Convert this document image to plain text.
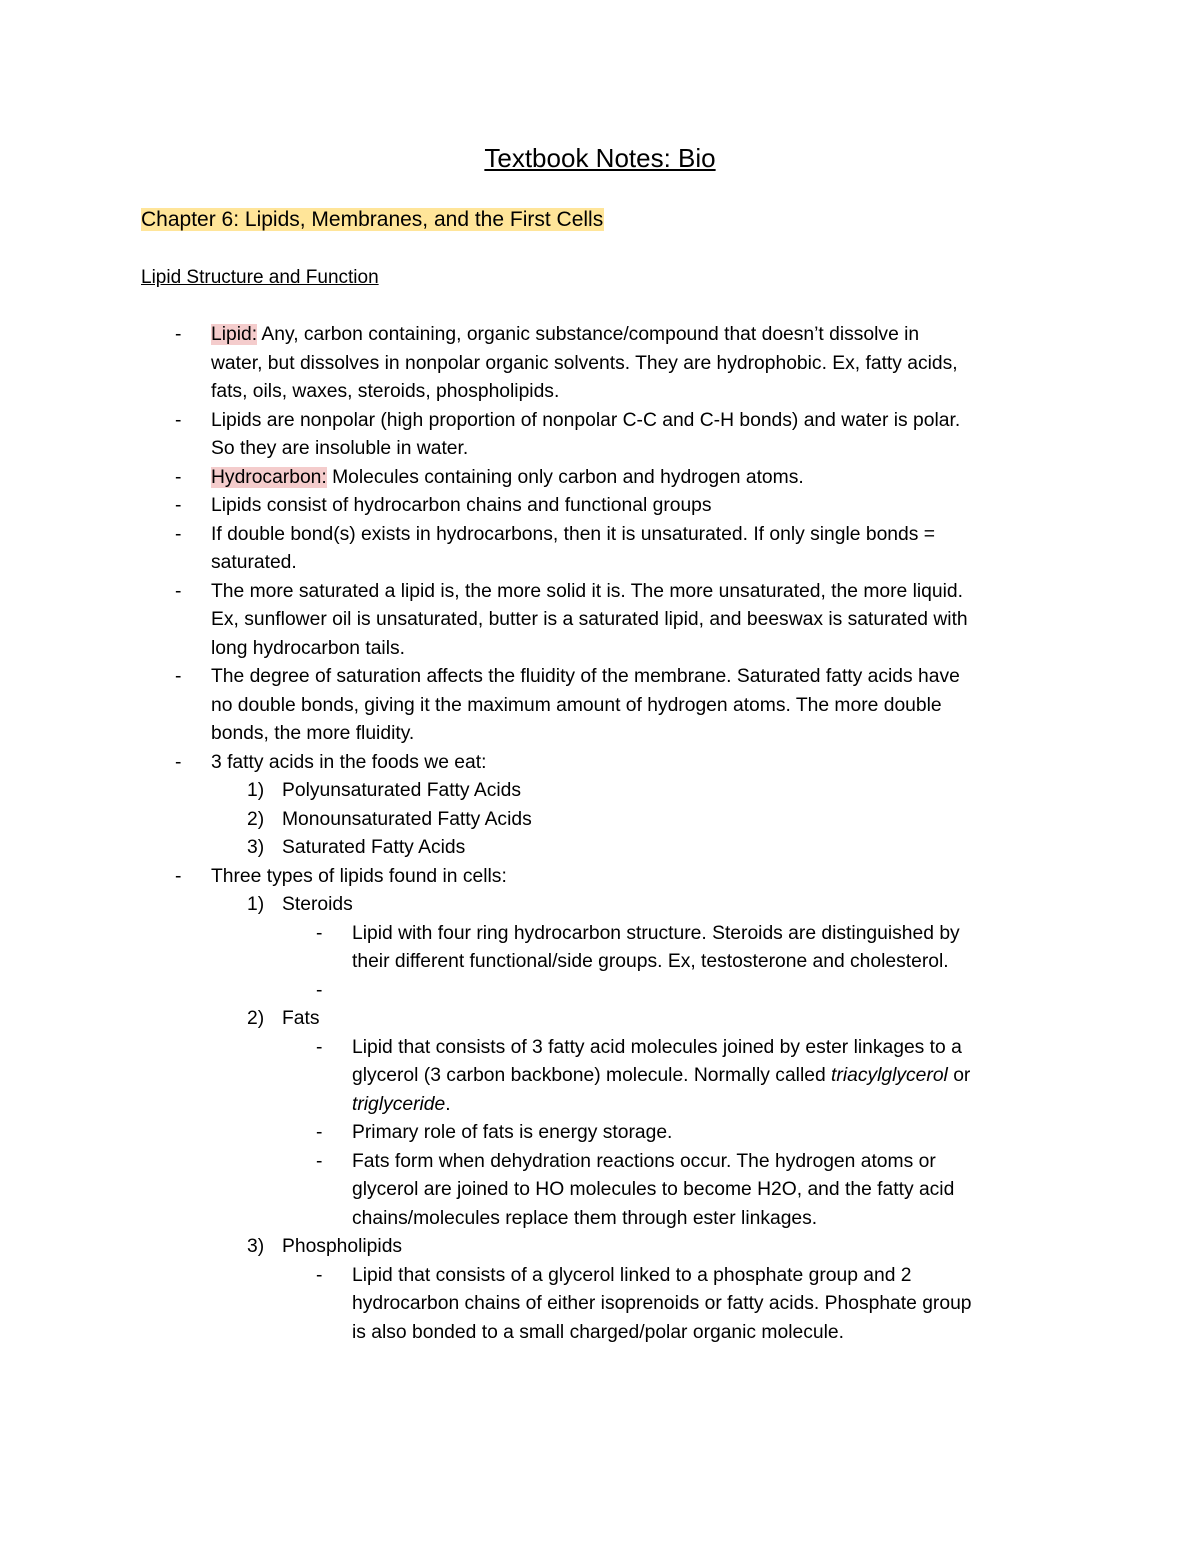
Textbook Notes: Bio
Chapter 6: Lipids, Membranes, and the First Cells
Lipid Structure and Function
- Lipid: Any, carbon containing, organic substance/compound that doesn’t dissolve in
water, but dissolves in nonpolar organic solvents. They are hydrophobic. Ex, fatty acids,
fats, oils, waxes, steroids, phospholipids.
- Lipids are nonpolar (high proportion of nonpolar C-C and C-H bonds) and water is polar.
So they are insoluble in water.
- Hydrocarbon: Molecules containing only carbon and hydrogen atoms.
- Lipids consist of hydrocarbon chains and functional groups
- If double bond(s) exists in hydrocarbons, then it is unsaturated. If only single bonds =
saturated.
- The more saturated a lipid is, the more solid it is. The more unsaturated, the more liquid.
Ex, sunflower oil is unsaturated, butter is a saturated lipid, and beeswax is saturated with
long hydrocarbon tails.
- The degree of saturation affects the fluidity of the membrane. Saturated fatty acids have
no double bonds, giving it the maximum amount of hydrogen atoms. The more double
bonds, the more fluidity.
- 3 fatty acids in the foods we eat:
1) Polyunsaturated Fatty Acids
2) Monounsaturated Fatty Acids
3) Saturated Fatty Acids
- Three types of lipids found in cells:
1) Steroids
- Lipid with four ring hydrocarbon structure. Steroids are distinguished by
their different functional/side groups. Ex, testosterone and cholesterol.
-
2) Fats
- Lipid that consists of 3 fatty acid molecules joined by ester linkages to a
glycerol (3 carbon backbone) molecule. Normally called triacylglycerol or
triglyceride.
- Primary role of fats is energy storage.
- Fats form when dehydration reactions occur. The hydrogen atoms or
glycerol are joined to HO molecules to become H2O, and the fatty acid
chains/molecules replace them through ester linkages.
3) Phospholipids
- Lipid that consists of a glycerol linked to a phosphate group and 2
hydrocarbon chains of either isoprenoids or fatty acids. Phosphate group
is also bonded to a small charged/polar organic molecule.
